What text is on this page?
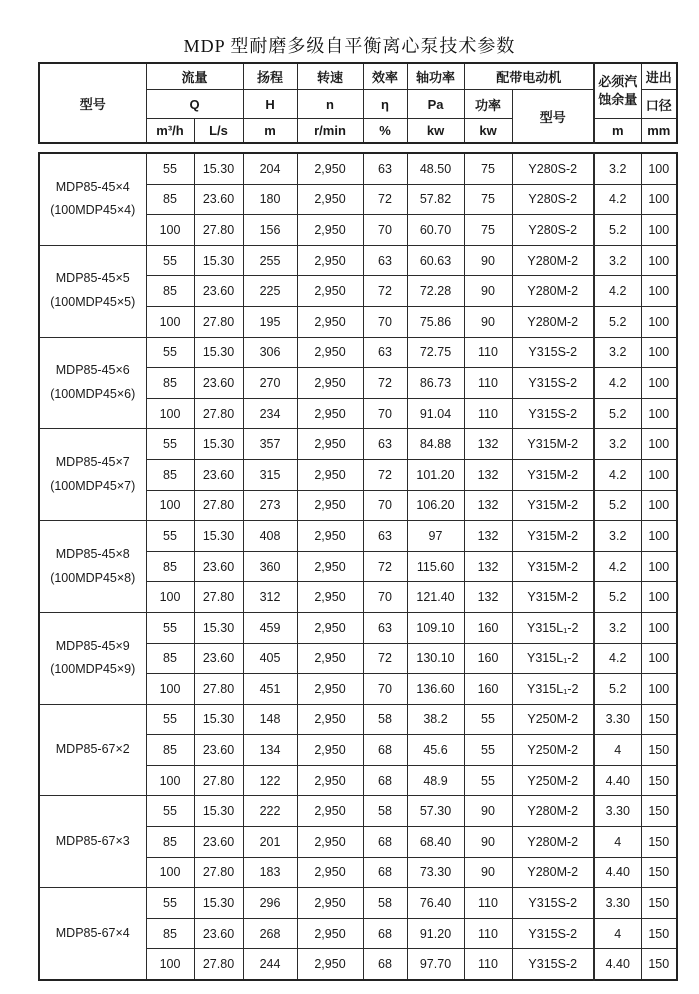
MDP 型耐磨多级自平衡离心泵技术参数
型号	流量		扬程	转速	效率	轴功率	配带电动机		必须汽
蚀余量	进出
	Q		H	n	η	Pa	功率	型号		口径
	m³/h	L/s	m	r/min	%	kw	kw		m	mm
MDP85-45×4
(100MDP45×4)	55	15.30	204	2,950	63	48.50	75	Y280S-2	3.2	100
	85	23.60	180	2,950	72	57.82	75	Y280S-2	4.2	100
	100	27.80	156	2,950	70	60.70	75	Y280S-2	5.2	100

MDP85-45×5
(100MDP45×5)	55	15.30	255	2,950	63	60.63	90	Y280M-2	3.2	100
	85	23.60	225	2,950	72	72.28	90	Y280M-2	4.2	100
	100	27.80	195	2,950	70	75.86	90	Y280M-2	5.2	100

MDP85-45×6
(100MDP45×6)	55	15.30	306	2,950	63	72.75	110	Y315S-2	3.2	100
	85	23.60	270	2,950	72	86.73	110	Y315S-2	4.2	100
	100	27.80	234	2,950	70	91.04	110	Y315S-2	5.2	100

MDP85-45×7
(100MDP45×7)	55	15.30	357	2,950	63	84.88	132	Y315M-2	3.2	100
	85	23.60	315	2,950	72	101.20	132	Y315M-2	4.2	100
	100	27.80	273	2,950	70	106.20	132	Y315M-2	5.2	100

MDP85-45×8
(100MDP45×8)	55	15.30	408	2,950	63	97	132	Y315M-2	3.2	100
	85	23.60	360	2,950	72	115.60	132	Y315M-2	4.2	100
	100	27.80	312	2,950	70	121.40	132	Y315M-2	5.2	100

MDP85-45×9
(100MDP45×9)	55	15.30	459	2,950	63	109.10	160	Y315L₁-2	3.2	100
	85	23.60	405	2,950	72	130.10	160	Y315L₁-2	4.2	100
	100	27.80	451	2,950	70	136.60	160	Y315L₁-2	5.2	100

MDP85-67×2	55	15.30	148	2,950	58	38.2	55	Y250M-2	3.30	150
	85	23.60	134	2,950	68	45.6	55	Y250M-2	4	150
	100	27.80	122	2,950	68	48.9	55	Y250M-2	4.40	150

MDP85-67×3	55	15.30	222	2,950	58	57.30	90	Y280M-2	3.30	150
	85	23.60	201	2,950	68	68.40	90	Y280M-2	4	150
	100	27.80	183	2,950	68	73.30	90	Y280M-2	4.40	150

MDP85-67×4	55	15.30	296	2,950	58	76.40	110	Y315S-2	3.30	150
	85	23.60	268	2,950	68	91.20	110	Y315S-2	4	150
	100	27.80	244	2,950	68	97.70	110	Y315S-2	4.40	150
